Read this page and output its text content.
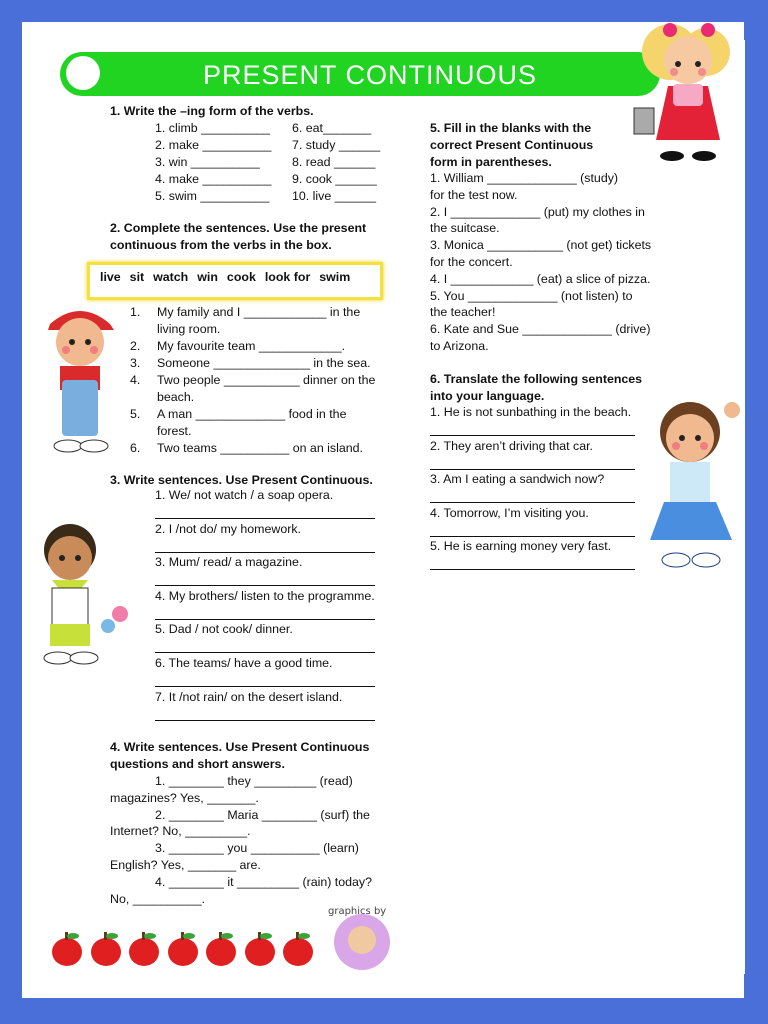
a	a
a	a
a	a
PRESENT CONTINUOUS
1. Write the –ing form of the verbs.
1. climb __________
2. make __________
3. win __________
4. make __________
5. swim __________
6. eat_______
7. study ______
8. read ______
9. cook ______
10. live ______
2. Complete the sentences. Use the present
continuous from the verbs in the box.
live sit watch win cook look for swim
1. My family and I ____________ in the
living room.
2. My favourite team ____________.
3. Someone ______________ in the sea.
4. Two people ___________ dinner on the
beach.
5. A man _____________ food in the
forest.
6. Two teams __________ on an island.
3. Write sentences. Use Present Continuous.
1. We/ not watch / a soap opera.
2. I /not do/ my homework.
3. Mum/ read/ a magazine.
4. My brothers/ listen to the programme.
5. Dad / not cook/ dinner.
6. The teams/ have a good time.
7. It /not rain/ on the desert island.
4. Write sentences. Use Present Continuous
questions and short answers.
1. ________ they _________ (read)
magazines? Yes, _______.
2. ________ Maria ________ (surf) the
Internet? No, _________.
3. ________ you __________ (learn)
English? Yes, _______ are.
4. ________ it _________ (rain) today?
No, __________.
5. Fill in the blanks with the
correct Present Continuous
form in parentheses.
1. William _____________ (study)
for the test now.
2. I _____________ (put) my clothes in
the suitcase.
3. Monica ___________ (not get) tickets
for the concert.
4. I ____________ (eat) a slice of pizza.
5. You _____________ (not listen) to
the teacher!
6. Kate and Sue _____________ (drive)
to Arizona.
6. Translate the following sentences
into your language.
1. He is not sunbathing in the beach.
2. They aren’t driving that car.
3. Am I eating a sandwich now?
4. Tomorrow, I’m visiting you.
5. He is earning money very fast.
graphics by
